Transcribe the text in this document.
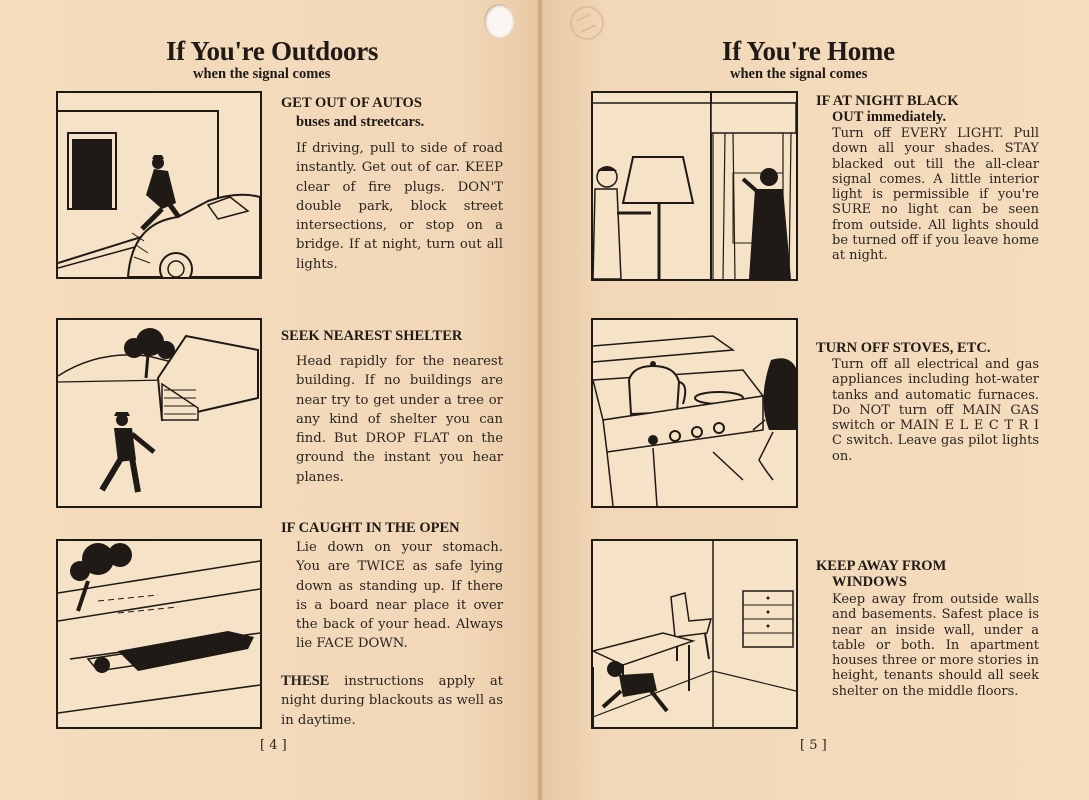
If You're Outdoors
when the signal comes
GET OUT OF AUTOS
buses and streetcars.
If driving, pull to side of road instantly. Get out of car. KEEP clear of fire plugs. DON'T double park, block street intersections, or stop on a bridge. If at night, turn out all lights.
SEEK NEAREST SHELTER
Head rapidly for the nearest building. If no buildings are near try to get under a tree or any kind of shelter you can find. But DROP FLAT on the ground the instant you hear planes.
IF CAUGHT IN THE OPEN
Lie down on your stomach. You are TWICE as safe lying down as standing up. If there is a board near place it over the back of your head. Always lie FACE DOWN.
THESE instructions apply at night during blackouts as well as in daytime.
[ 4 ]
If You're Home
when the signal comes
IF AT NIGHT BLACK
OUT immediately.
Turn off EVERY LIGHT. Pull down all your shades. STAY blacked out till the all-clear signal comes. A little interior light is permissible if you're SURE no light can be seen from outside. All lights should be turned off if you leave home at night.
TURN OFF STOVES, ETC.
Turn off all electrical and gas appliances including hot-water tanks and automatic furnaces. Do NOT turn off MAIN GAS switch or MAIN E L E C T R I C switch. Leave gas pilot lights on.
KEEP AWAY FROM
WINDOWS
Keep away from outside walls and basements. Safest place is near an inside wall, under a table or both. In apartment houses three or more stories in height, tenants should all seek shelter on the middle floors.
[ 5 ]
